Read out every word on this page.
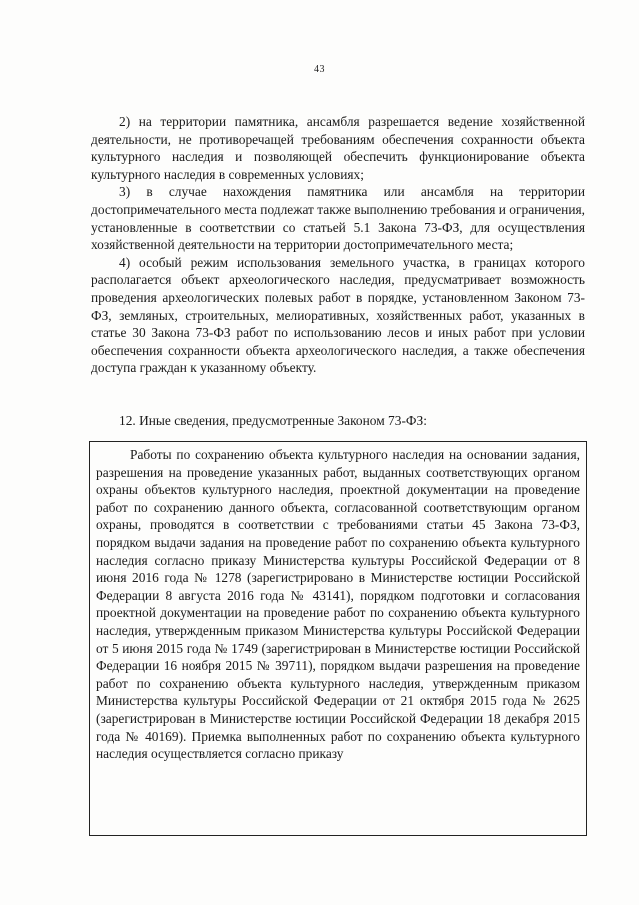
43

2) на территории памятника, ансамбля разрешается ведение хозяйственной деятельности, не противоречащей требованиям обеспечения сохранности объекта культурного наследия и позволяющей обеспечить функционирование объекта культурного наследия в современных условиях;

3) в случае нахождения памятника или ансамбля на территории достопримечательного места подлежат также выполнению требования и ограничения, установленные в соответствии со статьей 5.1 Закона 73-ФЗ, для осуществления хозяйственной деятельности на территории достопримечательного места;

4) особый режим использования земельного участка, в границах которого располагается объект археологического наследия, предусматривает возможность проведения археологических полевых работ в порядке, установленном Законом 73-ФЗ, земляных, строительных, мелиоративных, хозяйственных работ, указанных в статье 30 Закона 73-ФЗ работ по использованию лесов и иных работ при условии обеспечения сохранности объекта археологического наследия, а также обеспечения доступа граждан к указанному объекту.

12. Иные сведения, предусмотренные Законом 73-ФЗ:

Работы по сохранению объекта культурного наследия на основании задания, разрешения на проведение указанных работ, выданных соответствующих органом охраны объектов культурного наследия, проектной документации на проведение работ по сохранению данного объекта, согласованной соответствующим органом охраны, проводятся в соответствии с требованиями статьи 45 Закона 73-ФЗ, порядком выдачи задания на проведение работ по сохранению объекта культурного наследия согласно приказу Министерства культуры Российской Федерации от 8 июня 2016 года № 1278 (зарегистрировано в Министерстве юстиции Российской Федерации 8 августа 2016 года № 43141), порядком подготовки и согласования проектной документации на проведение работ по сохранению объекта культурного наследия, утвержденным приказом Министерства культуры Российской Федерации от 5 июня 2015 года № 1749 (зарегистрирован в Министерстве юстиции Российской Федерации 16 ноября 2015 № 39711), порядком выдачи разрешения на проведение работ по сохранению объекта культурного наследия, утвержденным приказом Министерства культуры Российской Федерации от 21 октября 2015 года № 2625 (зарегистрирован в Министерстве юстиции Российской Федерации 18 декабря 2015 года № 40169). Приемка выполненных работ по сохранению объекта культурного наследия осуществляется согласно приказу
